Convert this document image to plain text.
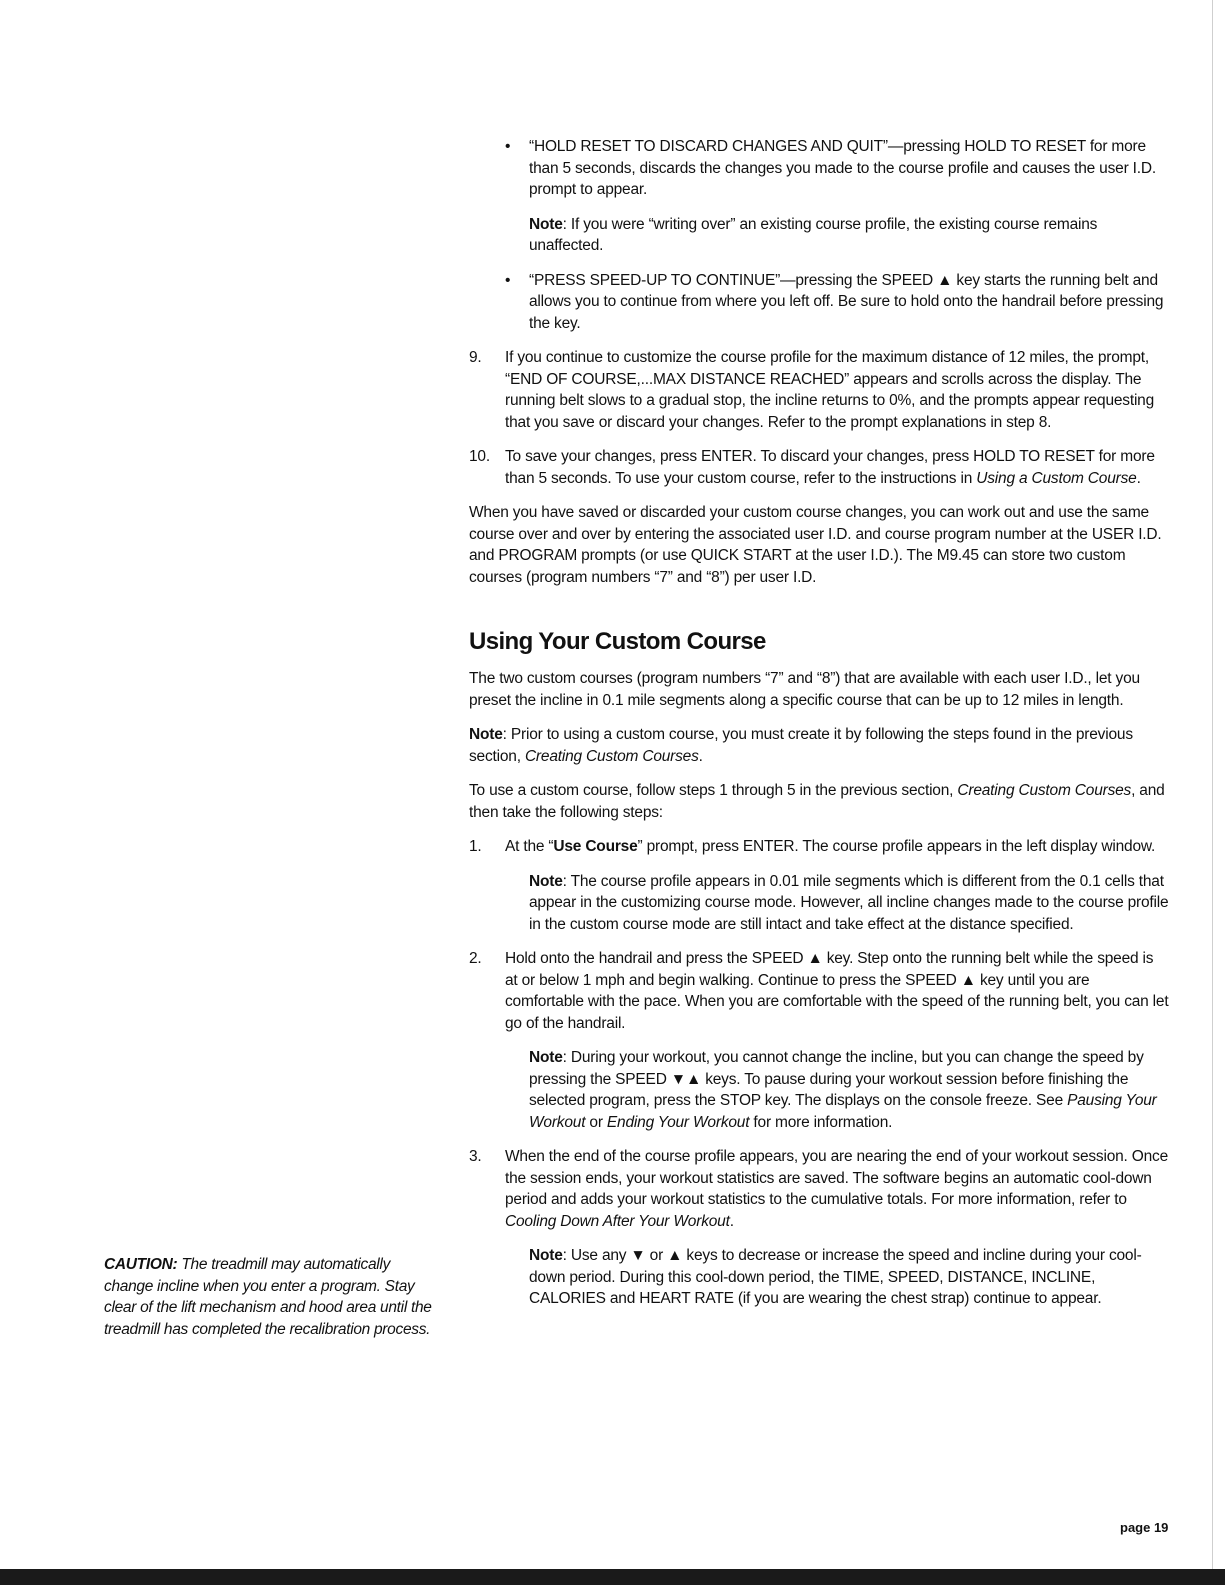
• “HOLD RESET TO DISCARD CHANGES AND QUIT”—pressing HOLD TO RESET for more than 5 seconds, discards the changes you made to the course profile and causes the user I.D. prompt to appear.

Note: If you were “writing over” an existing course profile, the existing course remains unaffected.

• “PRESS SPEED-UP TO CONTINUE”—pressing the SPEED ▲ key starts the running belt and allows you to continue from where you left off. Be sure to hold onto the handrail before pressing the key.

9. If you continue to customize the course profile for the maximum distance of 12 miles, the prompt, “END OF COURSE,...MAX DISTANCE REACHED” appears and scrolls across the display. The running belt slows to a gradual stop, the incline returns to 0%, and the prompts appear requesting that you save or discard your changes. Refer to the prompt explanations in step 8.

10. To save your changes, press ENTER. To discard your changes, press HOLD TO RESET for more than 5 seconds. To use your custom course, refer to the instructions in Using a Custom Course.

When you have saved or discarded your custom course changes, you can work out and use the same course over and over by entering the associated user I.D. and course program number at the USER I.D. and PROGRAM prompts (or use QUICK START at the user I.D.). The M9.45 can store two custom courses (program numbers “7” and “8”) per user I.D.

Using Your Custom Course

The two custom courses (program numbers “7” and “8”) that are available with each user I.D., let you preset the incline in 0.1 mile segments along a specific course that can be up to 12 miles in length.

Note: Prior to using a custom course, you must create it by following the steps found in the previous section, Creating Custom Courses.

To use a custom course, follow steps 1 through 5 in the previous section, Creating Custom Courses, and then take the following steps:

1. At the “Use Course” prompt, press ENTER. The course profile appears in the left display window.

Note: The course profile appears in 0.01 mile segments which is different from the 0.1 cells that appear in the customizing course mode. However, all incline changes made to the course profile in the custom course mode are still intact and take effect at the distance specified.

2. Hold onto the handrail and press the SPEED ▲ key. Step onto the running belt while the speed is at or below 1 mph and begin walking. Continue to press the SPEED ▲ key until you are comfortable with the pace. When you are comfortable with the speed of the running belt, you can let go of the handrail.

Note: During your workout, you cannot change the incline, but you can change the speed by pressing the SPEED ▼▲ keys. To pause during your workout session before finishing the selected program, press the STOP key. The displays on the console freeze. See Pausing Your Workout or Ending Your Workout for more information.

3. When the end of the course profile appears, you are nearing the end of your workout session. Once the session ends, your workout statistics are saved. The software begins an automatic cool-down period and adds your workout statistics to the cumulative totals. For more information, refer to Cooling Down After Your Workout.

Note: Use any ▼ or ▲ keys to decrease or increase the speed and incline during your cool-down period. During this cool-down period, the TIME, SPEED, DISTANCE, INCLINE, CALORIES and HEART RATE (if you are wearing the chest strap) continue to appear.

CAUTION: The treadmill may automatically change incline when you enter a program. Stay clear of the lift mechanism and hood area until the treadmill has completed the recalibration process.

page 19
